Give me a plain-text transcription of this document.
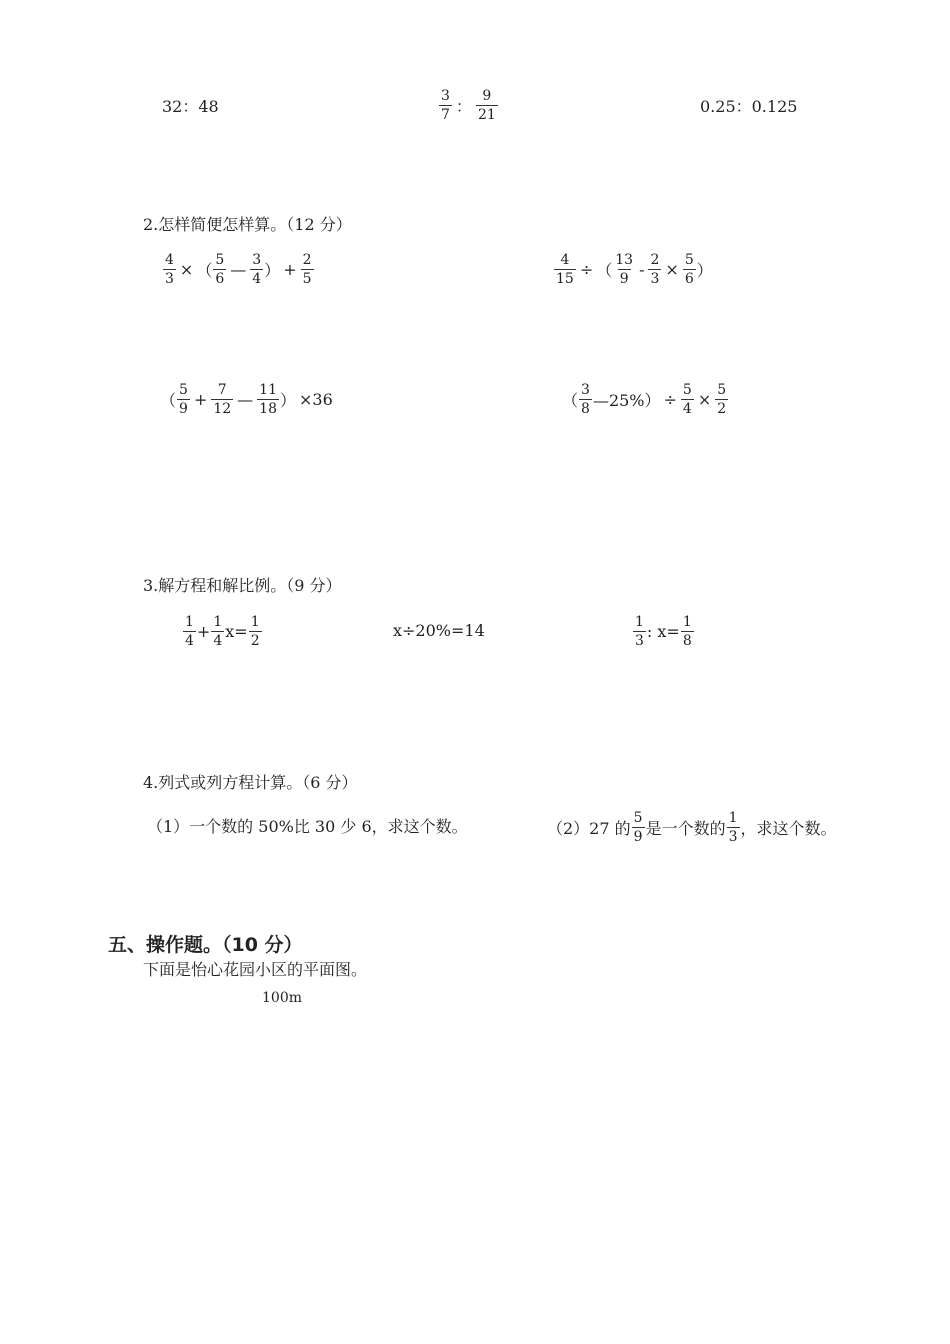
32：48	$\frac{3}{7}$ ： $\frac{9}{21}$	0.25：0.125
2.怎样简便怎样算。（12 分）
$\frac{4}{3}$ × （ $\frac{5}{6}$ — $\frac{3}{4}$ ） + $\frac{2}{5}$	$\frac{4}{15}$ ÷ （ $\frac{13}{9} - \frac{2}{3} \times \frac{5}{6}$ ）
（ $\frac{5}{9} + \frac{7}{12}$ — $\frac{11}{18}$ ） ×36	（ $\frac{3}{8}$ —25%） ÷ $\frac{5}{4} \times \frac{5}{2}$
3.解方程和解比例。（9 分）
$\frac{1}{4} + \frac{1}{4} x= \frac{1}{2}$	x÷20%=14	$\frac{1}{3}$ : $x= \frac{1}{8}$
4.列式或列方程计算。（6 分）
（1）一个数的 50%比 30 少 6，求这个数。	（2）27 的 $\frac{5}{9}$ 是一个数的 $\frac{1}{3}$ ，求这个数。
五、操作题。（10 分）
下面是怡心花园小区的平面图。
100m
